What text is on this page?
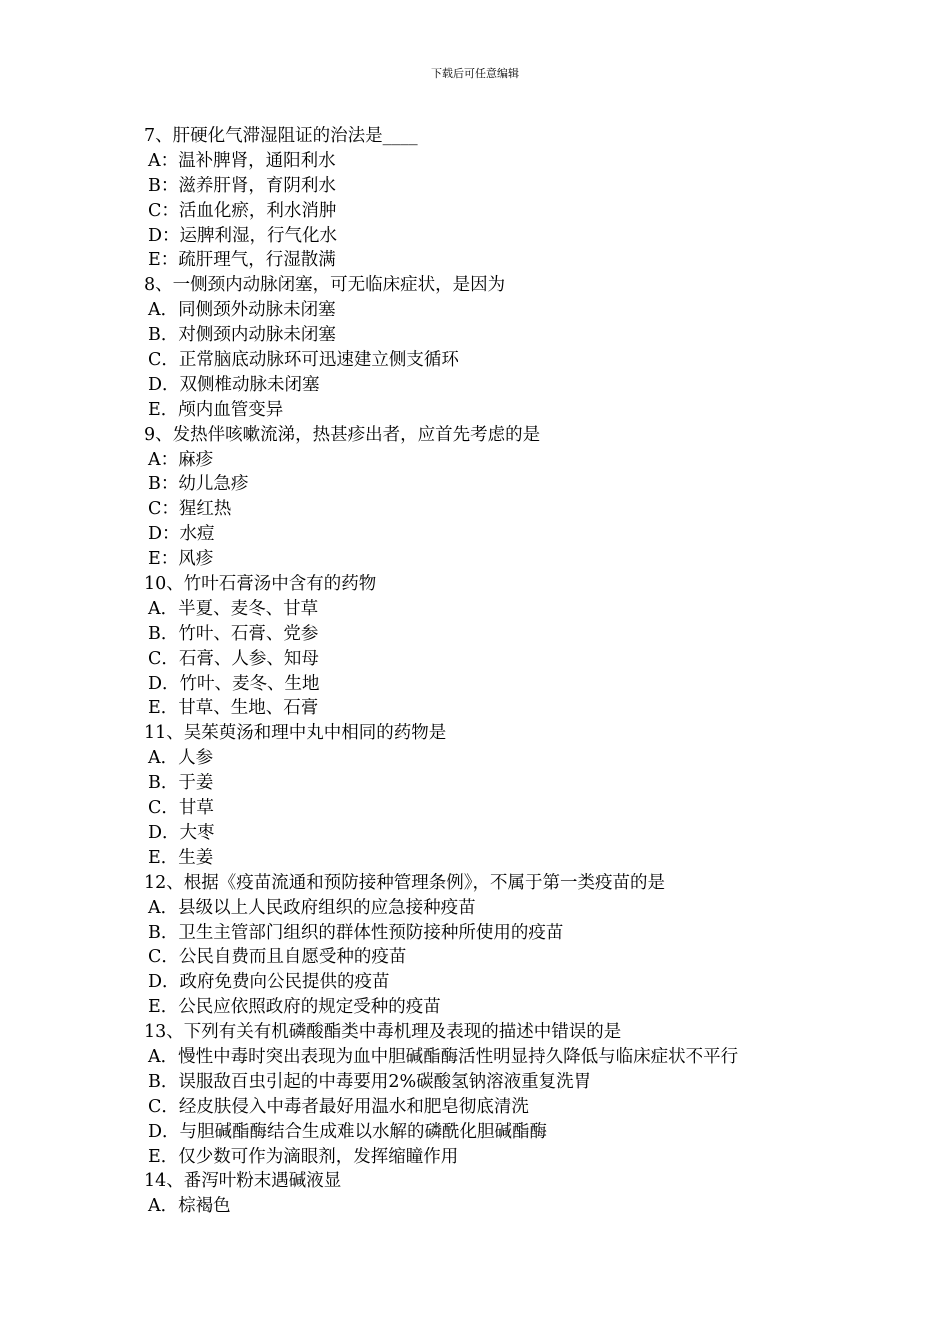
下载后可任意编辑
7、肝硬化气滞湿阻证的治法是____
A：温补脾肾，通阳利水
B：滋养肝肾，育阴利水
C：活血化瘀，利水消肿
D：运脾利湿，行气化水
E：疏肝理气，行湿散满
8、一侧颈内动脉闭塞，可无临床症状，是因为
A．同侧颈外动脉未闭塞
B．对侧颈内动脉未闭塞
C．正常脑底动脉环可迅速建立侧支循环
D．双侧椎动脉未闭塞
E．颅内血管变异
9、发热伴咳嗽流涕，热甚疹出者，应首先考虑的是
A：麻疹
B：幼儿急疹
C：猩红热
D：水痘
E：风疹
10、竹叶石膏汤中含有的药物
A．半夏、麦冬、甘草
B．竹叶、石膏、党参
C．石膏、人参、知母
D．竹叶、麦冬、生地
E．甘草、生地、石膏
11、吴茱萸汤和理中丸中相同的药物是
A．人参
B．于姜
C．甘草
D．大枣
E．生姜
12、根据《疫苗流通和预防接种管理条例》，不属于第一类疫苗的是
A．县级以上人民政府组织的应急接种疫苗
B．卫生主管部门组织的群体性预防接种所使用的疫苗
C．公民自费而且自愿受种的疫苗
D．政府免费向公民提供的疫苗
E．公民应依照政府的规定受种的疫苗
13、下列有关有机磷酸酯类中毒机理及表现的描述中错误的是
A．慢性中毒时突出表现为血中胆碱酯酶活性明显持久降低与临床症状不平行
B．误服敌百虫引起的中毒要用2%碳酸氢钠溶液重复洗胃
C．经皮肤侵入中毒者最好用温水和肥皂彻底清洗
D．与胆碱酯酶结合生成难以水解的磷酰化胆碱酯酶
E．仅少数可作为滴眼剂，发挥缩瞳作用
14、番泻叶粉末遇碱液显
A．棕褐色
